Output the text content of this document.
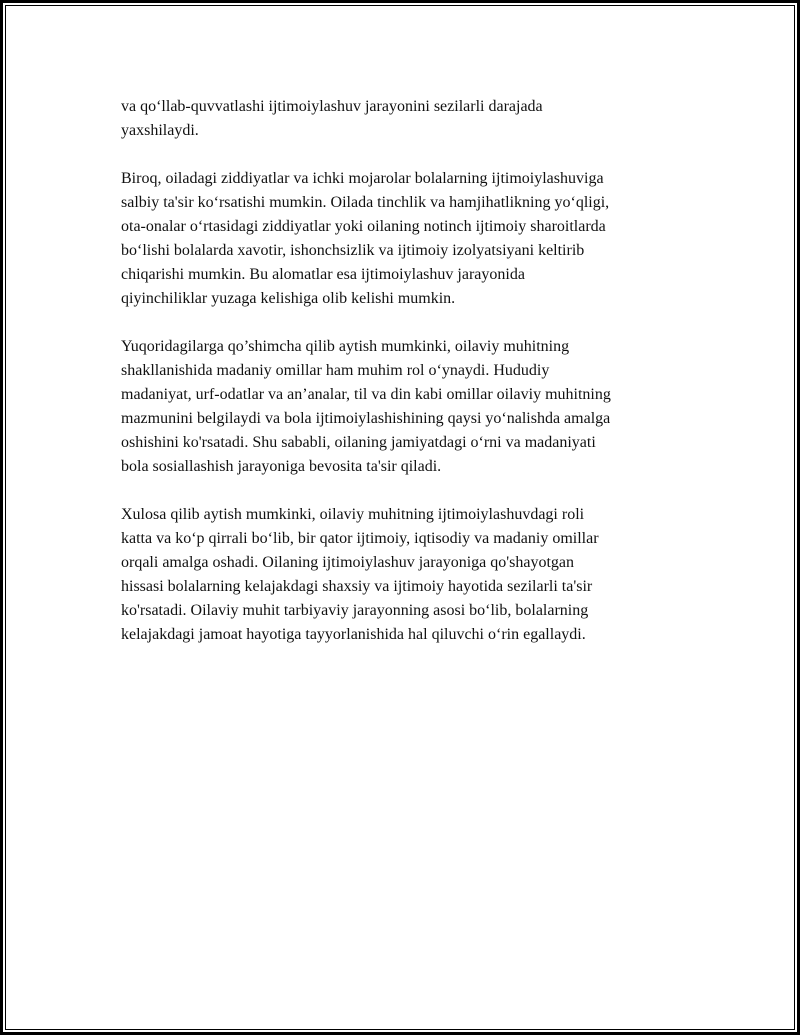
va qo‘llab-quvvatlashi ijtimoiylashuv jarayonini sezilarli darajada
yaxshilaydi.

Biroq, oiladagi ziddiyatlar va ichki mojarolar bolalarning ijtimoiylashuviga
salbiy ta'sir ko‘rsatishi mumkin. Oilada tinchlik va hamjihatlikning yo‘qligi,
ota-onalar o‘rtasidagi ziddiyatlar yoki oilaning notinch ijtimoiy sharoitlarda
bo‘lishi bolalarda xavotir, ishonchsizlik va ijtimoiy izolyatsiyani keltirib
chiqarishi mumkin. Bu alomatlar esa ijtimoiylashuv jarayonida
qiyinchiliklar yuzaga kelishiga olib kelishi mumkin.

Yuqoridagilarga qo’shimcha qilib aytish mumkinki, oilaviy muhitning
shakllanishida madaniy omillar ham muhim rol o‘ynaydi. Hududiy
madaniyat, urf-odatlar va an’analar, til va din kabi omillar oilaviy muhitning
mazmunini belgilaydi va bola ijtimoiylashishining qaysi yo‘nalishda amalga
oshishini ko'rsatadi. Shu sababli, oilaning jamiyatdagi o‘rni va madaniyati
bola sosiallashish jarayoniga bevosita ta'sir qiladi.

Xulosa qilib aytish mumkinki, oilaviy muhitning ijtimoiylashuvdagi roli
katta va ko‘p qirrali bo‘lib, bir qator ijtimoiy, iqtisodiy va madaniy omillar
orqali amalga oshadi. Oilaning ijtimoiylashuv jarayoniga qo'shayotgan
hissasi bolalarning kelajakdagi shaxsiy va ijtimoiy hayotida sezilarli ta'sir
ko'rsatadi. Oilaviy muhit tarbiyaviy jarayonning asosi bo‘lib, bolalarning
kelajakdagi jamoat hayotiga tayyorlanishida hal qiluvchi o‘rin egallaydi.
